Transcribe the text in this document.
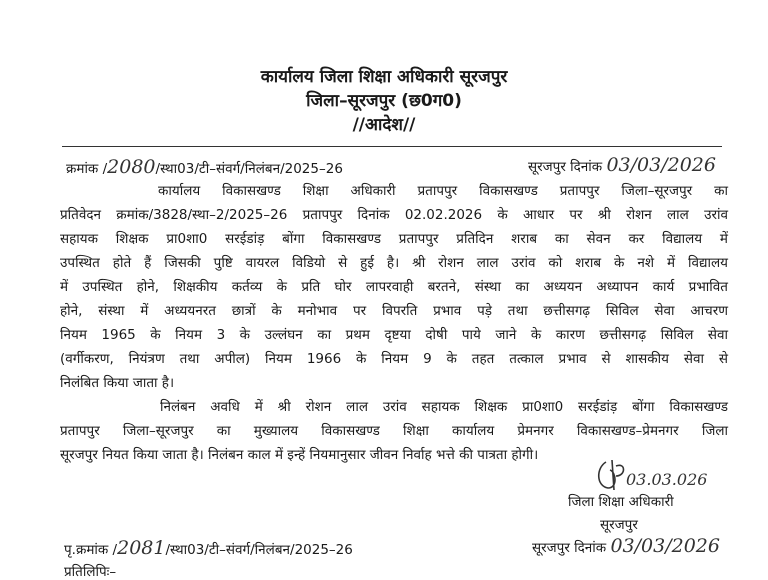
कार्यालय जिला शिक्षा अधिकारी सूरजपुर
जिला–सूरजपुर (छ0ग0)
//आदेश//
क्रमांक /2080/स्था03/टी–संवर्ग/निलंबन/2025–26	सूरजपुर दिनांक 03/03/2026
कार्यालय विकासखण्ड शिक्षा अधिकारी प्रतापपुर विकासखण्ड प्रतापपुर जिला–सूरजपुर का
प्रतिवेदन क्रमांक/3828/स्था–2/2025–26 प्रतापपुर दिनांक 02.02.2026 के आधार पर श्री रोशन लाल उरांव
सहायक शिक्षक प्रा0शा0 सरईडांड़ बोंगा विकासखण्ड प्रतापपुर प्रतिदिन शराब का सेवन कर विद्यालय में
उपस्थित होते हैं जिसकी पुष्टि वायरल विडियो से हुई है। श्री रोशन लाल उरांव को शराब के नशे में विद्यालय
में उपस्थित होने, शिक्षकीय कर्तव्य के प्रति घोर लापरवाही बरतने, संस्था का अध्ययन अध्यापन कार्य प्रभावित
होने, संस्था में अध्ययनरत छात्रों के मनोभाव पर विपरति प्रभाव पड़े तथा छत्तीसगढ़ सिविल सेवा आचरण
नियम 1965 के नियम 3 के उल्लंघन का प्रथम दृष्टया दोषी पाये जाने के कारण छत्तीसगढ़ सिविल सेवा
(वर्गीकरण, नियंत्रण तथा अपील) नियम 1966 के नियम 9 के तहत तत्काल प्रभाव से शासकीय सेवा से
निलंबित किया जाता है।
निलंबन अवधि में श्री रोशन लाल उरांव सहायक शिक्षक प्रा0शा0 सरईडांड़ बोंगा विकासखण्ड
प्रतापपुर जिला–सूरजपुर का मुख्यालय विकासखण्ड शिक्षा कार्यालय प्रेमनगर विकासखण्ड–प्रेमनगर जिला
सूरजपुर नियत किया जाता है। निलंबन काल में इन्हें नियमानुसार जीवन निर्वाह भत्ते की पात्रता होगी।
03.03.026
जिला शिक्षा अधिकारी
सूरजपुर
पृ.क्रमांक /2081/स्था03/टी–संवर्ग/निलंबन/2025–26	सूरजपुर दिनांक 03/03/2026
प्रतिलिपिः–
